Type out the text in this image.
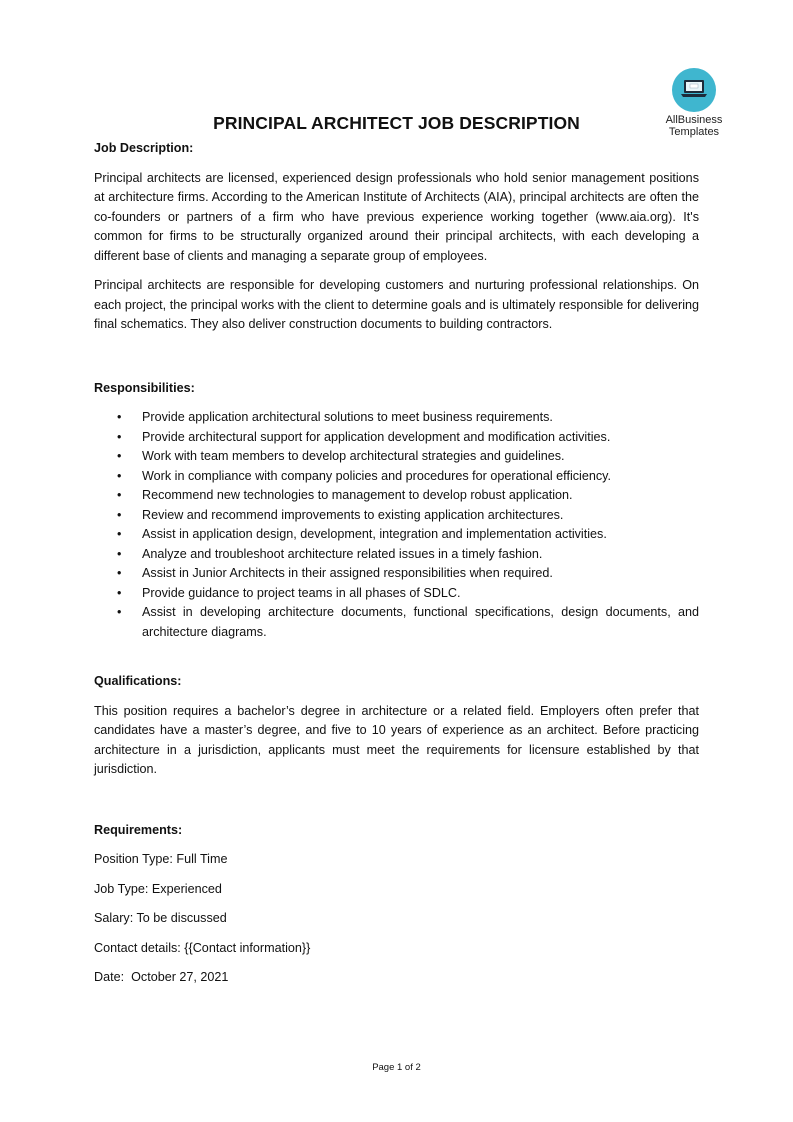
AllBusiness
Templates
PRINCIPAL ARCHITECT JOB DESCRIPTION

Job Description:

Principal architects are licensed, experienced design professionals who hold senior management positions at architecture firms. According to the American Institute of Architects (AIA), principal architects are often the co-founders or partners of a firm who have previous experience working together (www.aia.org). It's common for firms to be structurally organized around their principal architects, with each developing a different base of clients and managing a separate group of employees.

Principal architects are responsible for developing customers and nurturing professional relationships. On each project, the principal works with the client to determine goals and is ultimately responsible for delivering final schematics. They also deliver construction documents to building contractors.

Responsibilities:

• Provide application architectural solutions to meet business requirements.
• Provide architectural support for application development and modification activities.
• Work with team members to develop architectural strategies and guidelines.
• Work in compliance with company policies and procedures for operational efficiency.
• Recommend new technologies to management to develop robust application.
• Review and recommend improvements to existing application architectures.
• Assist in application design, development, integration and implementation activities.
• Analyze and troubleshoot architecture related issues in a timely fashion.
• Assist in Junior Architects in their assigned responsibilities when required.
• Provide guidance to project teams in all phases of SDLC.
• Assist in developing architecture documents, functional specifications, design documents, and architecture diagrams.

Qualifications:

This position requires a bachelor’s degree in architecture or a related field. Employers often prefer that candidates have a master’s degree, and five to 10 years of experience as an architect. Before practicing architecture in a jurisdiction, applicants must meet the requirements for licensure established by that jurisdiction.

Requirements:

Position Type: Full Time

Job Type: Experienced

Salary: To be discussed

Contact details: {{Contact information}}

Date:  October 27, 2021

Page 1 of 2
